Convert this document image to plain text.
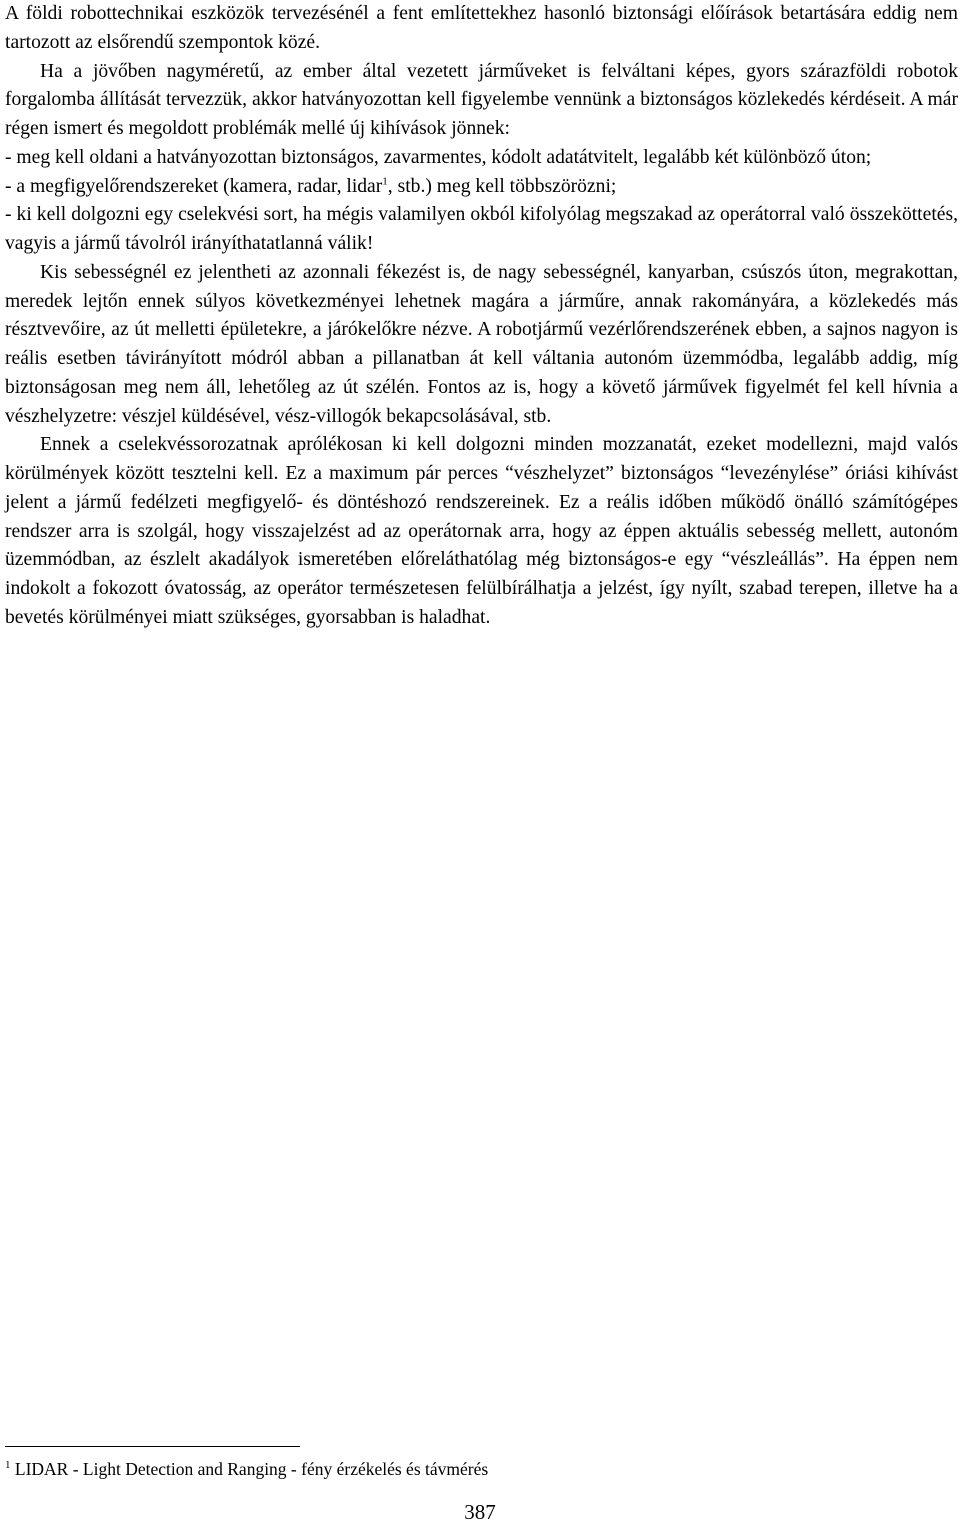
A földi robottechnikai eszközök tervezésénél a fent említettekhez hasonló biztonsági előírások betartására eddig nem tartozott az elsőrendű szempontok közé.

Ha a jövőben nagyméretű, az ember által vezetett járműveket is felváltani képes, gyors szárazföldi robotok forgalomba állítását tervezzük, akkor hatványozottan kell figyelembe vennünk a biztonságos közlekedés kérdéseit. A már régen ismert és megoldott problémák mellé új kihívások jönnek:

- meg kell oldani a hatványozottan biztonságos, zavarmentes, kódolt adatátvitelt, legalább két különböző úton;

- a megfigyelőrendszereket (kamera, radar, lidar$^1$, stb.) meg kell többszörözni;

- ki kell dolgozni egy cselekvési sort, ha mégis valamilyen okból kifolyólag megszakad az operátorral való összeköttetés, vagyis a jármű távolról irányíthatatlanná válik!

Kis sebességnél ez jelentheti az azonnali fékezést is, de nagy sebességnél, kanyarban, csúszós úton, megrakottan, meredek lejtőn ennek súlyos következményei lehetnek magára a járműre, annak rakományára, a közlekedés más résztvevőire, az út melletti épületekre, a járókelőkre nézve. A robotjármű vezérlőrendszerének ebben, a sajnos nagyon is reális esetben távirányított módról abban a pillanatban át kell váltania autonóm üzemmódba, legalább addig, míg biztonságosan meg nem áll, lehetőleg az út szélén. Fontos az is, hogy a követő járművek figyelmét fel kell hívnia a vészhelyzetre: vészjel küldésével, vész-villogók bekapcsolásával, stb.

Ennek a cselekvéssorozatnak aprólékosan ki kell dolgozni minden mozzanatát, ezeket modellezni, majd valós körülmények között tesztelni kell. Ez a maximum pár perces “vészhelyzet” biztonságos “levezénylése” óriási kihívást jelent a jármű fedélzeti megfigyelő- és döntéshozó rendszereinek. Ez a reális időben működő önálló számítógépes rendszer arra is szolgál, hogy visszajelzést ad az operátornak arra, hogy az éppen aktuális sebesség mellett, autonóm üzemmódban, az észlelt akadályok ismeretében előreláthatólag még biztonságos-e egy “vészleállás”. Ha éppen nem indokolt a fokozott óvatosság, az operátor természetesen felülbírálhatja a jelzést, így nyílt, szabad terepen, illetve ha a bevetés körülményei miatt szükséges, gyorsabban is haladhat.

$^1$ LIDAR - Light Detection and Ranging - fény érzékelés és távmérés

387
